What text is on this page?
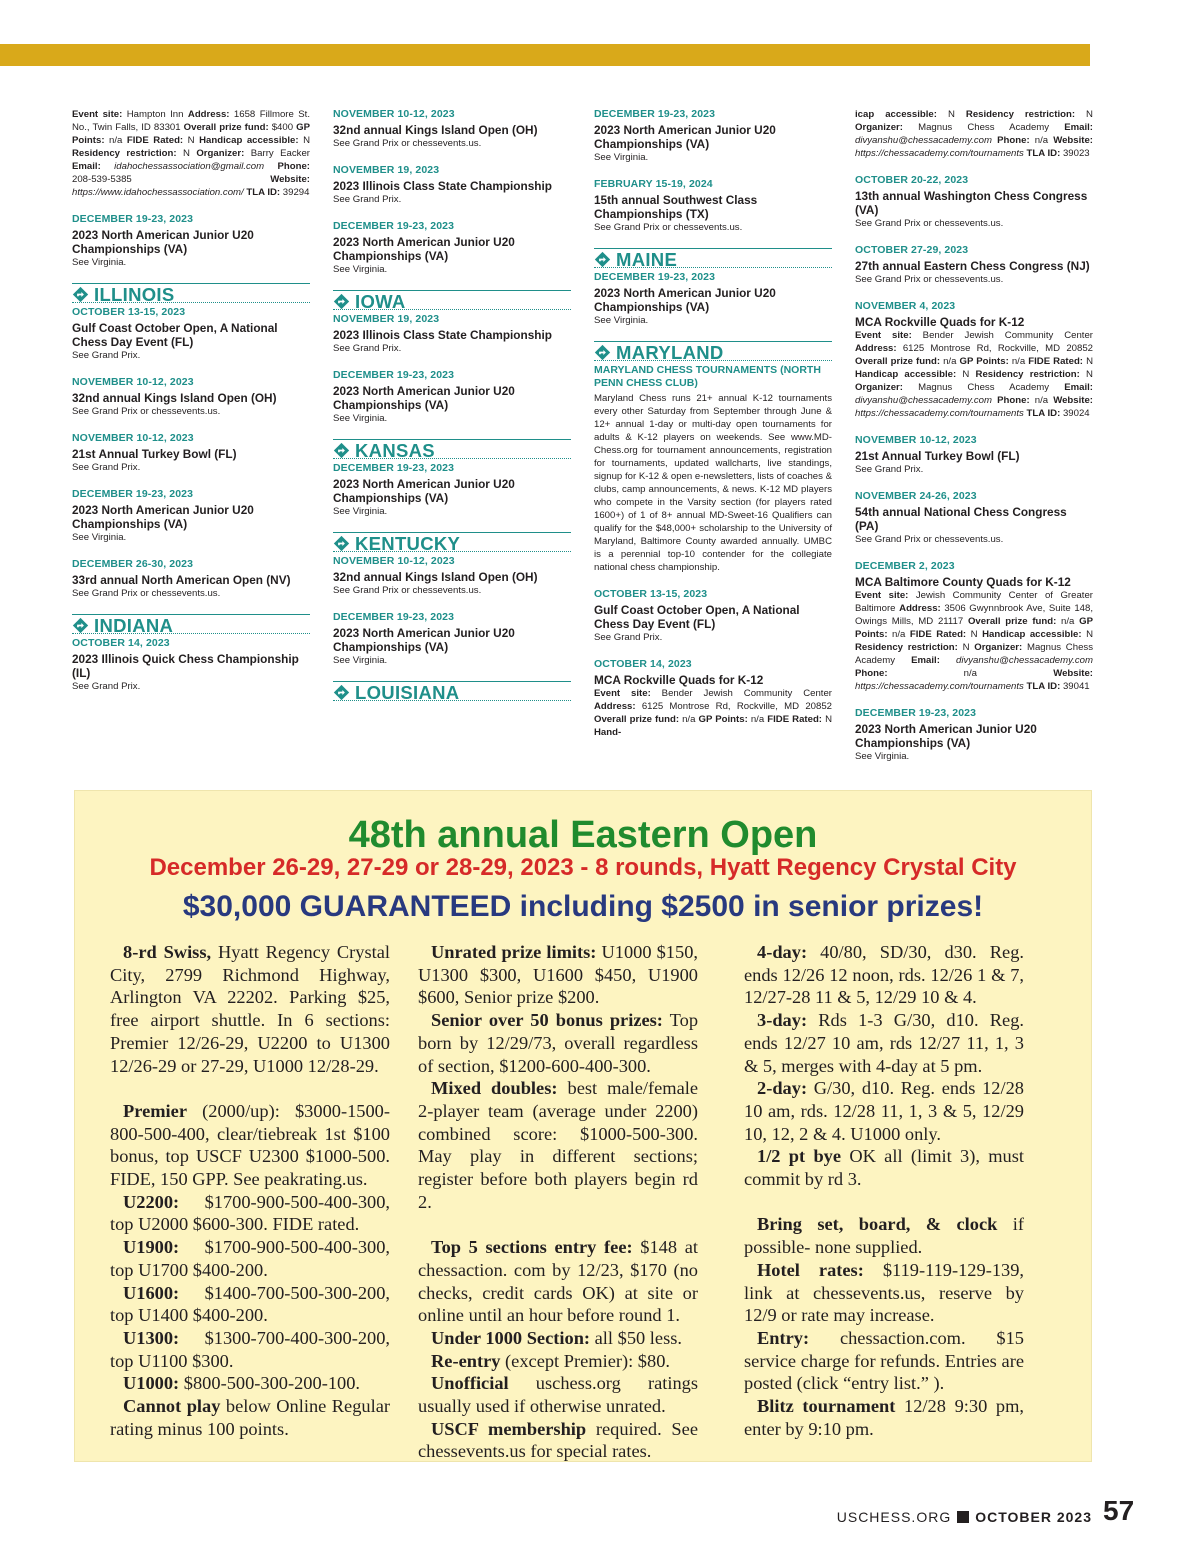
Event site: Hampton Inn Address: 1658 Fillmore St. No., Twin Falls, ID 83301 Overall prize fund: $400 GP Points: n/a FIDE Rated: N Handicap accessible: N Residency restriction: N Organizer: Barry Eacker Email: idahochessassociation@gmail.com Phone: 208-539-5385 Website: https://www.idahochessassociation.com/ TLA ID: 39294
DECEMBER 19-23, 2023
2023 North American Junior U20 Championships (VA)
See Virginia.
ILLINOIS
OCTOBER 13-15, 2023
Gulf Coast October Open, A National Chess Day Event (FL)
See Grand Prix.
NOVEMBER 10-12, 2023
32nd annual Kings Island Open (OH)
See Grand Prix or chessevents.us.
NOVEMBER 10-12, 2023
21st Annual Turkey Bowl (FL)
See Grand Prix.
DECEMBER 19-23, 2023
2023 North American Junior U20 Championships (VA)
See Virginia.
DECEMBER 26-30, 2023
33rd annual North American Open (NV)
See Grand Prix or chessevents.us.
INDIANA
OCTOBER 14, 2023
2023 Illinois Quick Chess Championship (IL)
See Grand Prix.
NOVEMBER 10-12, 2023
32nd annual Kings Island Open (OH)
See Grand Prix or chessevents.us.
NOVEMBER 19, 2023
2023 Illinois Class State Championship
See Grand Prix.
DECEMBER 19-23, 2023
2023 North American Junior U20 Championships (VA)
See Virginia.
IOWA
NOVEMBER 19, 2023
2023 Illinois Class State Championship
See Grand Prix.
DECEMBER 19-23, 2023
2023 North American Junior U20 Championships (VA)
See Virginia.
KANSAS
DECEMBER 19-23, 2023
2023 North American Junior U20 Championships (VA)
See Virginia.
KENTUCKY
NOVEMBER 10-12, 2023
32nd annual Kings Island Open (OH)
See Grand Prix or chessevents.us.
DECEMBER 19-23, 2023
2023 North American Junior U20 Championships (VA)
See Virginia.
LOUISIANA
DECEMBER 19-23, 2023
2023 North American Junior U20 Championships (VA)
See Virginia.
FEBRUARY 15-19, 2024
15th annual Southwest Class Championships (TX)
See Grand Prix or chessevents.us.
MAINE
DECEMBER 19-23, 2023
2023 North American Junior U20 Championships (VA)
See Virginia.
MARYLAND
MARYLAND CHESS TOURNAMENTS (NORTH PENN CHESS CLUB)
Maryland Chess runs 21+ annual K-12 tournaments every other Saturday from September through June & 12+ annual 1-day or multi-day open tournaments for adults & K-12 players on weekends. See www.MD-Chess.org for tournament announcements, registration for tournaments, updated wallcharts, live standings, signup for K-12 & open e-newsletters, lists of coaches & clubs, camp announcements, & news. K-12 MD players who compete in the Varsity section (for players rated 1600+) of 1 of 8+ annual MD-Sweet-16 Qualifiers can qualify for the $48,000+ scholarship to the University of Maryland, Baltimore County awarded annually. UMBC is a perennial top-10 contender for the collegiate national chess championship.
OCTOBER 13-15, 2023
Gulf Coast October Open, A National Chess Day Event (FL)
See Grand Prix.
OCTOBER 14, 2023
MCA Rockville Quads for K-12
Event site: Bender Jewish Community Center Address: 6125 Montrose Rd, Rockville, MD 20852 Overall prize fund: n/a GP Points: n/a FIDE Rated: N Hand-
icap accessible: N Residency restriction: N Organizer: Magnus Chess Academy Email: divyanshu@chessacademy.com Phone: n/a Website: https://chessacademy.com/tournaments TLA ID: 39023
OCTOBER 20-22, 2023
13th annual Washington Chess Congress (VA)
See Grand Prix or chessevents.us.
OCTOBER 27-29, 2023
27th annual Eastern Chess Congress (NJ)
See Grand Prix or chessevents.us.
NOVEMBER 4, 2023
MCA Rockville Quads for K-12
Event site: Bender Jewish Community Center Address: 6125 Montrose Rd, Rockville, MD 20852 Overall prize fund: n/a GP Points: n/a FIDE Rated: N Handicap accessible: N Residency restriction: N Organizer: Magnus Chess Academy Email: divyanshu@chessacademy.com Phone: n/a Website: https://chessacademy.com/tournaments TLA ID: 39024
NOVEMBER 10-12, 2023
21st Annual Turkey Bowl (FL)
See Grand Prix.
NOVEMBER 24-26, 2023
54th annual National Chess Congress (PA)
See Grand Prix or chessevents.us.
DECEMBER 2, 2023
MCA Baltimore County Quads for K-12
Event site: Jewish Community Center of Greater Baltimore Address: 3506 Gwynnbrook Ave, Suite 148, Owings Mills, MD 21117 Overall prize fund: n/a GP Points: n/a FIDE Rated: N Handicap accessible: N Residency restriction: N Organizer: Magnus Chess Academy Email: divyanshu@chessacademy.com Phone: n/a Website: https://chessacademy.com/tournaments TLA ID: 39041
DECEMBER 19-23, 2023
2023 North American Junior U20 Championships (VA)
See Virginia.
48th annual Eastern Open
December 26-29, 27-29 or 28-29, 2023 - 8 rounds, Hyatt Regency Crystal City
$30,000 GUARANTEED including $2500 in senior prizes!

8-rd Swiss, Hyatt Regency Crystal City, 2799 Richmond Highway, Arlington VA 22202. Parking $25, free airport shuttle. In 6 sections: Premier 12/26-29, U2200 to U1300 12/26-29 or 27-29, U1000 12/28-29.

Premier (2000/up): $3000-1500-800-500-400, clear/tiebreak 1st $100 bonus, top USCF U2300 $1000-500. FIDE, 150 GPP. See peakrating.us.

U2200: $1700-900-500-400-300, top U2000 $600-300. FIDE rated.

U1900: $1700-900-500-400-300, top U1700 $400-200.

U1600: $1400-700-500-300-200, top U1400 $400-200.

U1300: $1300-700-400-300-200, top U1100 $300.

U1000: $800-500-300-200-100.

Cannot play below Online Regular rating minus 100 points.

Unrated prize limits: U1000 $150, U1300 $300, U1600 $450, U1900 $600, Senior prize $200.

Senior over 50 bonus prizes: Top born by 12/29/73, overall regardless of section, $1200-600-400-300.

Mixed doubles: best male/female 2-player team (average under 2200) combined score: $1000-500-300. May play in different sections; register before both players begin rd 2.

Top 5 sections entry fee: $148 at chessaction. com by 12/23, $170 (no checks, credit cards OK) at site or online until an hour before round 1.

Under 1000 Section: all $50 less.

Re-entry (except Premier): $80.

Unofficial uschess.org ratings usually used if otherwise unrated.

USCF membership required. See chessevents.us for special rates.

4-day: 40/80, SD/30, d30. Reg. ends 12/26 12 noon, rds. 12/26 1 & 7, 12/27-28 11 & 5, 12/29 10 & 4.

3-day: Rds 1-3 G/30, d10. Reg. ends 12/27 10 am, rds 12/27 11, 1, 3 & 5, merges with 4-day at 5 pm.

2-day: G/30, d10. Reg. ends 12/28 10 am, rds. 12/28 11, 1, 3 & 5, 12/29 10, 12, 2 & 4. U1000 only.

1/2 pt bye OK all (limit 3), must commit by rd 3.

Bring set, board, & clock if possible- none supplied.

Hotel rates: $119-119-129-139, link at chessevents.us, reserve by 12/9 or rate may increase.

Entry: chessaction.com. $15 service charge for refunds. Entries are posted (click “entry list.” ).

Blitz tournament 12/28 9:30 pm, enter by 9:10 pm.

USCHESS.ORG OCTOBER 2023 57
